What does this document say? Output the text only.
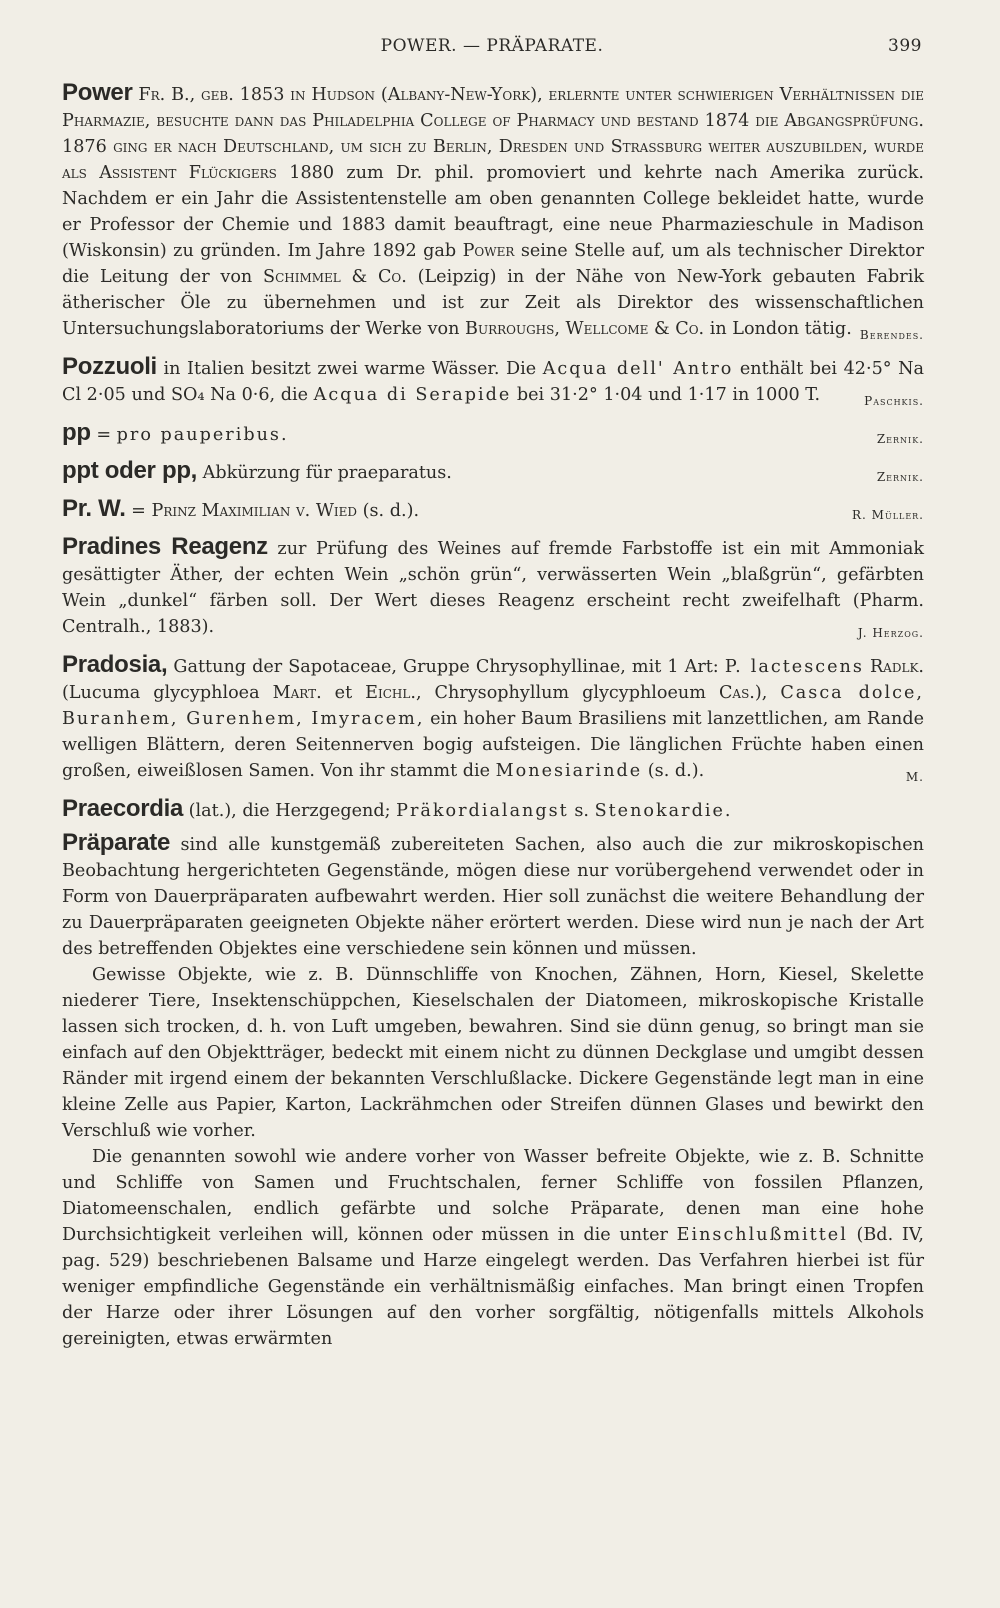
POWER. — PRÄPARATE.	399

Power Fr. B., geb. 1853 in Hudson (Albany-New-York), erlernte unter schwierigen Verhältnissen die Pharmazie, besuchte dann das Philadelphia College of Pharmacy und bestand 1874 die Abgangsprüfung. 1876 ging er nach Deutschland, um sich zu Berlin, Dresden und Straßburg weiter auszubilden, wurde als Assistent Flückigers 1880 zum Dr. phil. promoviert und kehrte nach Amerika zurück. Nachdem er ein Jahr die Assistentenstelle am oben genannten College bekleidet hatte, wurde er Professor der Chemie und 1883 damit beauftragt, eine neue Pharmazieschule in Madison (Wiskonsin) zu gründen. Im Jahre 1892 gab Power seine Stelle auf, um als technischer Direktor die Leitung der von Schimmel & Co. (Leipzig) in der Nähe von New-York gebauten Fabrik ätherischer Öle zu übernehmen und ist zur Zeit als Direktor des wissenschaftlichen Untersuchungslaboratoriums der Werke von Burroughs, Wellcome & Co. in London tätig. Berendes.

Pozzuoli in Italien besitzt zwei warme Wässer. Die Acqua dell' Antro enthält bei 42·5° Na Cl 2·05 und SO₄ Na 0·6, die Acqua di Serapide bei 31·2° 1·04 und 1·17 in 1000 T.	Paschkis.

pp = pro pauperibus.	Zernik.

ppt oder pp, Abkürzung für praeparatus.	Zernik.

Pr. W. = Prinz Maximilian v. Wied (s. d.).	R. Müller.

Pradines Reagenz zur Prüfung des Weines auf fremde Farbstoffe ist ein mit Ammoniak gesättigter Äther, der echten Wein „schön grün“, verwässerten Wein „blaßgrün“, gefärbten Wein „dunkel“ färben soll. Der Wert dieses Reagenz erscheint recht zweifelhaft (Pharm. Centralh., 1883).	J. Herzog.

Pradosia, Gattung der Sapotaceae, Gruppe Chrysophyllinae, mit 1 Art: P. lactescens Radlk. (Lucuma glycyphloea Mart. et Eichl., Chrysophyllum glycyphloeum Cas.), Casca dolce, Buranhem, Gurenhem, Imyracem, ein hoher Baum Brasiliens mit lanzettlichen, am Rande welligen Blättern, deren Seitennerven bogig aufsteigen. Die länglichen Früchte haben einen großen, eiweißlosen Samen. Von ihr stammt die Monesiarinde (s. d.).	M.

Praecordia (lat.), die Herzgegend; Präkordialangst s. Stenokardie.

Präparate sind alle kunstgemäß zubereiteten Sachen, also auch die zur mikroskopischen Beobachtung hergerichteten Gegenstände, mögen diese nur vorübergehend verwendet oder in Form von Dauerpräparaten aufbewahrt werden. Hier soll zunächst die weitere Behandlung der zu Dauerpräparaten geeigneten Objekte näher erörtert werden. Diese wird nun je nach der Art des betreffenden Objektes eine verschiedene sein können und müssen.

Gewisse Objekte, wie z. B. Dünnschliffe von Knochen, Zähnen, Horn, Kiesel, Skelette niederer Tiere, Insektenschüppchen, Kieselschalen der Diatomeen, mikroskopische Kristalle lassen sich trocken, d. h. von Luft umgeben, bewahren. Sind sie dünn genug, so bringt man sie einfach auf den Objektträger, bedeckt mit einem nicht zu dünnen Deckglase und umgibt dessen Ränder mit irgend einem der bekannten Verschlußlacke. Dickere Gegenstände legt man in eine kleine Zelle aus Papier, Karton, Lackrähmchen oder Streifen dünnen Glases und bewirkt den Verschluß wie vorher.

Die genannten sowohl wie andere vorher von Wasser befreite Objekte, wie z. B. Schnitte und Schliffe von Samen und Fruchtschalen, ferner Schliffe von fossilen Pflanzen, Diatomeenschalen, endlich gefärbte und solche Präparate, denen man eine hohe Durchsichtigkeit verleihen will, können oder müssen in die unter Einschlußmittel (Bd. IV, pag. 529) beschriebenen Balsame und Harze eingelegt werden. Das Verfahren hierbei ist für weniger empfindliche Gegenstände ein verhältnismäßig einfaches. Man bringt einen Tropfen der Harze oder ihrer Lösungen auf den vorher sorgfältig, nötigenfalls mittels Alkohols gereinigten, etwas erwärmten
